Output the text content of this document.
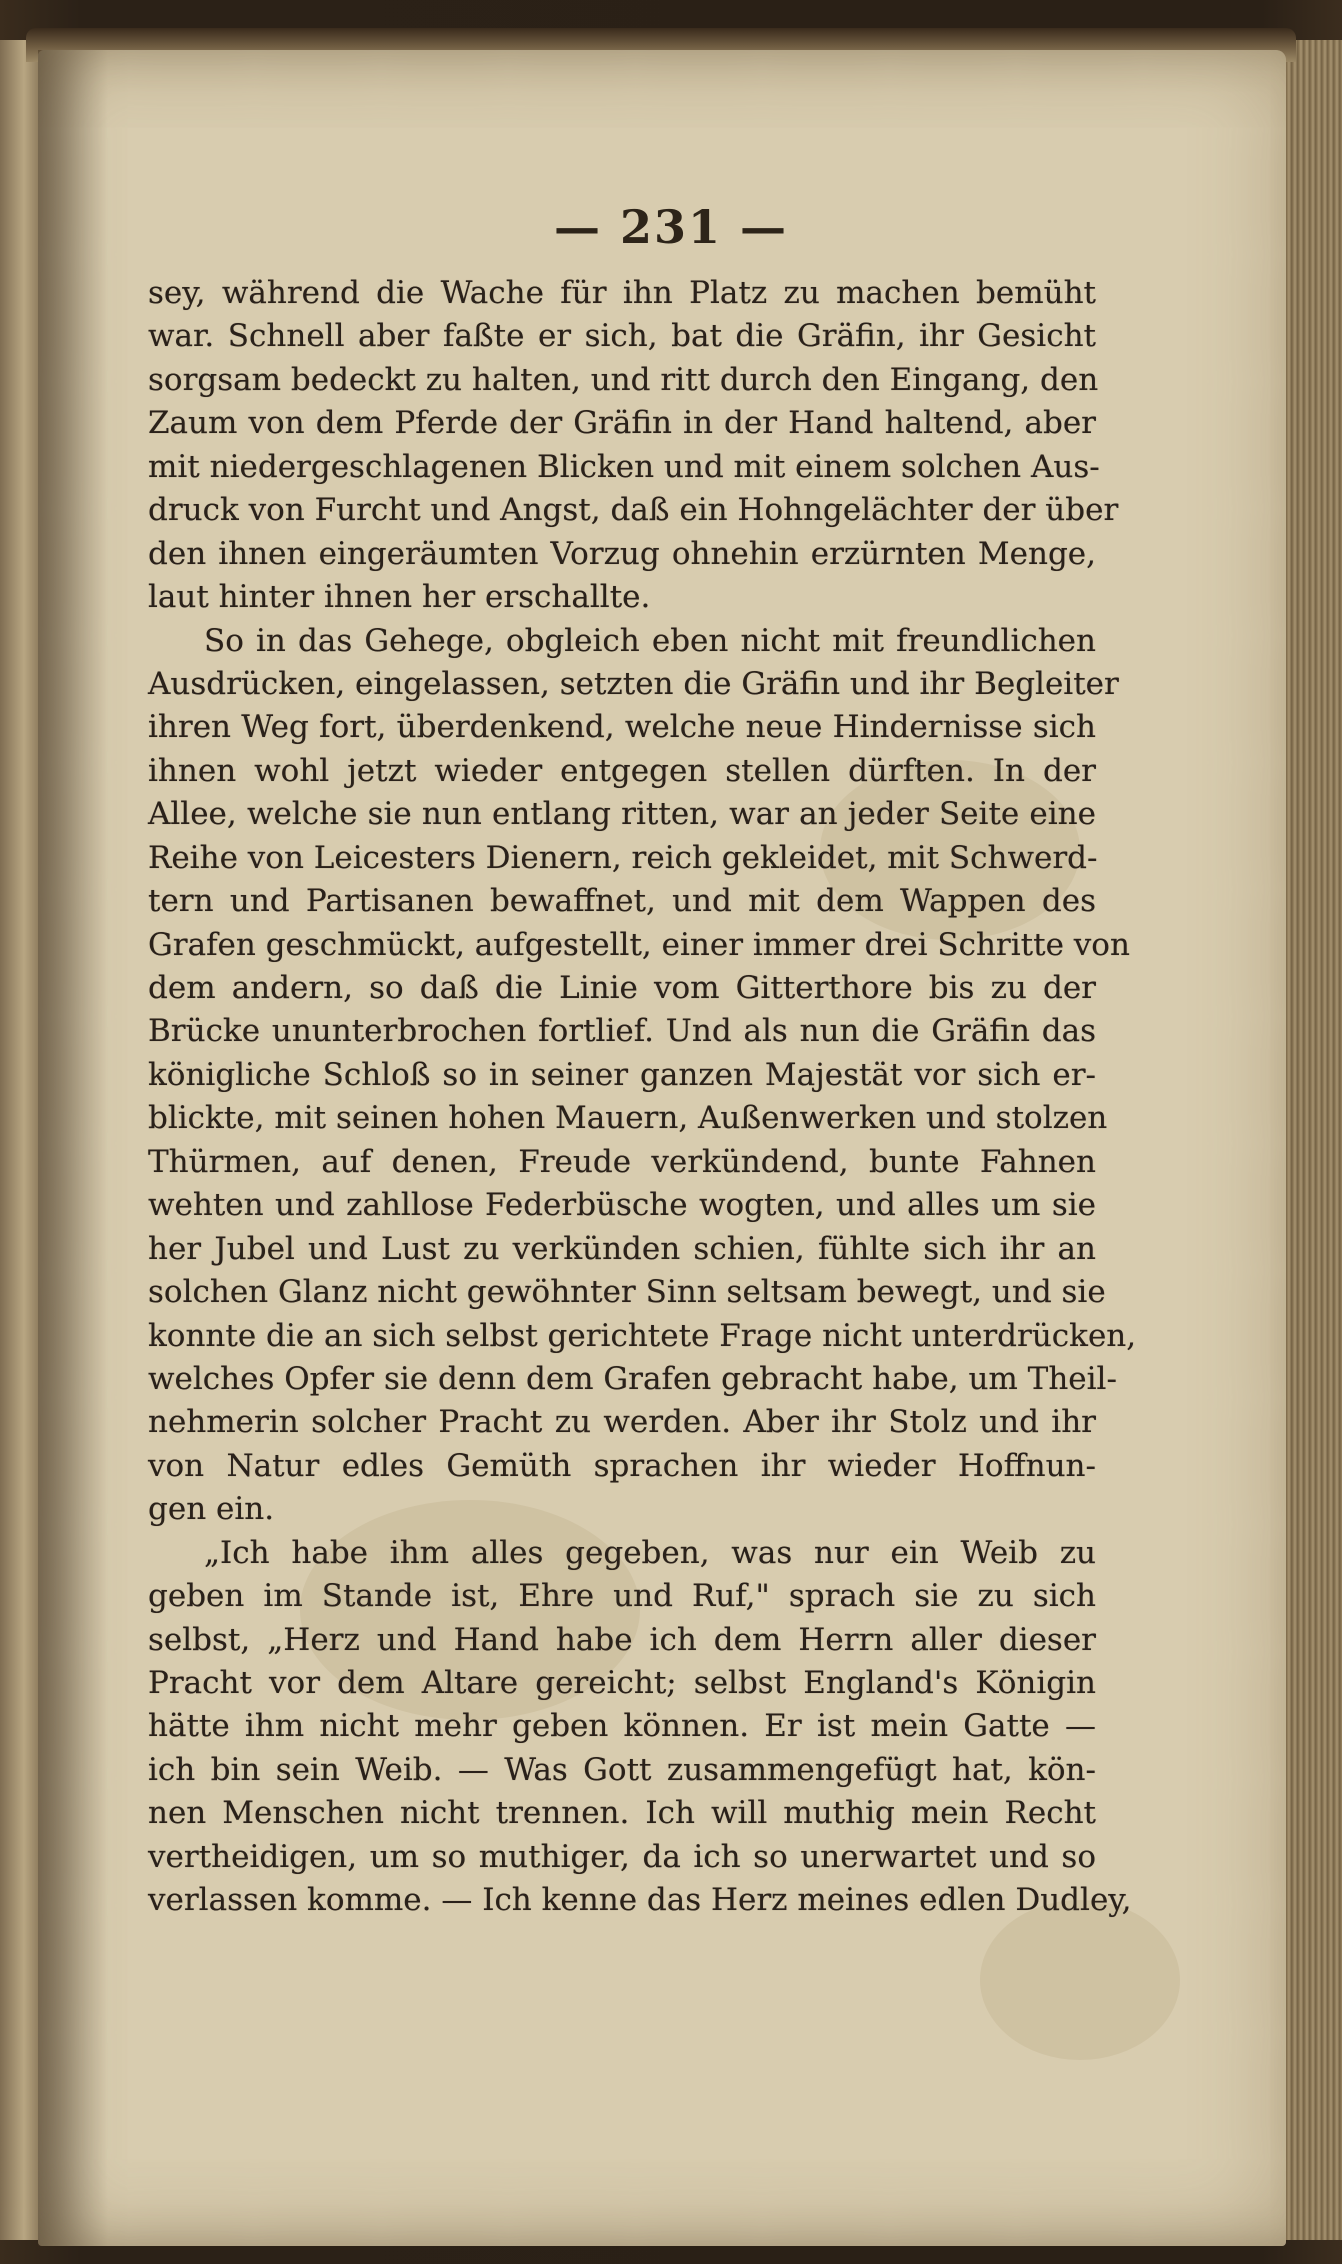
— 231 —
sey, während die Wache für ihn Platz zu machen bemüht
war. Schnell aber faßte er sich, bat die Gräfin, ihr Gesicht
sorgsam bedeckt zu halten, und ritt durch den Eingang, den
Zaum von dem Pferde der Gräfin in der Hand haltend, aber
mit niedergeschlagenen Blicken und mit einem solchen Aus-
druck von Furcht und Angst, daß ein Hohngelächter der über
den ihnen eingeräumten Vorzug ohnehin erzürnten Menge,
laut hinter ihnen her erschallte.
So in das Gehege, obgleich eben nicht mit freundlichen
Ausdrücken, eingelassen, setzten die Gräfin und ihr Begleiter
ihren Weg fort, überdenkend, welche neue Hindernisse sich
ihnen wohl jetzt wieder entgegen stellen dürften. In der
Allee, welche sie nun entlang ritten, war an jeder Seite eine
Reihe von Leicesters Dienern, reich gekleidet, mit Schwerd-
tern und Partisanen bewaffnet, und mit dem Wappen des
Grafen geschmückt, aufgestellt, einer immer drei Schritte von
dem andern, so daß die Linie vom Gitterthore bis zu der
Brücke ununterbrochen fortlief. Und als nun die Gräfin das
königliche Schloß so in seiner ganzen Majestät vor sich er-
blickte, mit seinen hohen Mauern, Außenwerken und stolzen
Thürmen, auf denen, Freude verkündend, bunte Fahnen
wehten und zahllose Federbüsche wogten, und alles um sie
her Jubel und Lust zu verkünden schien, fühlte sich ihr an
solchen Glanz nicht gewöhnter Sinn seltsam bewegt, und sie
konnte die an sich selbst gerichtete Frage nicht unterdrücken,
welches Opfer sie denn dem Grafen gebracht habe, um Theil-
nehmerin solcher Pracht zu werden. Aber ihr Stolz und ihr
von Natur edles Gemüth sprachen ihr wieder Hoffnun-
gen ein.
„Ich habe ihm alles gegeben, was nur ein Weib zu
geben im Stande ist, Ehre und Ruf," sprach sie zu sich
selbst, „Herz und Hand habe ich dem Herrn aller dieser
Pracht vor dem Altare gereicht; selbst England's Königin
hätte ihm nicht mehr geben können. Er ist mein Gatte —
ich bin sein Weib. — Was Gott zusammengefügt hat, kön-
nen Menschen nicht trennen. Ich will muthig mein Recht
vertheidigen, um so muthiger, da ich so unerwartet und so
verlassen komme. — Ich kenne das Herz meines edlen Dudley,
